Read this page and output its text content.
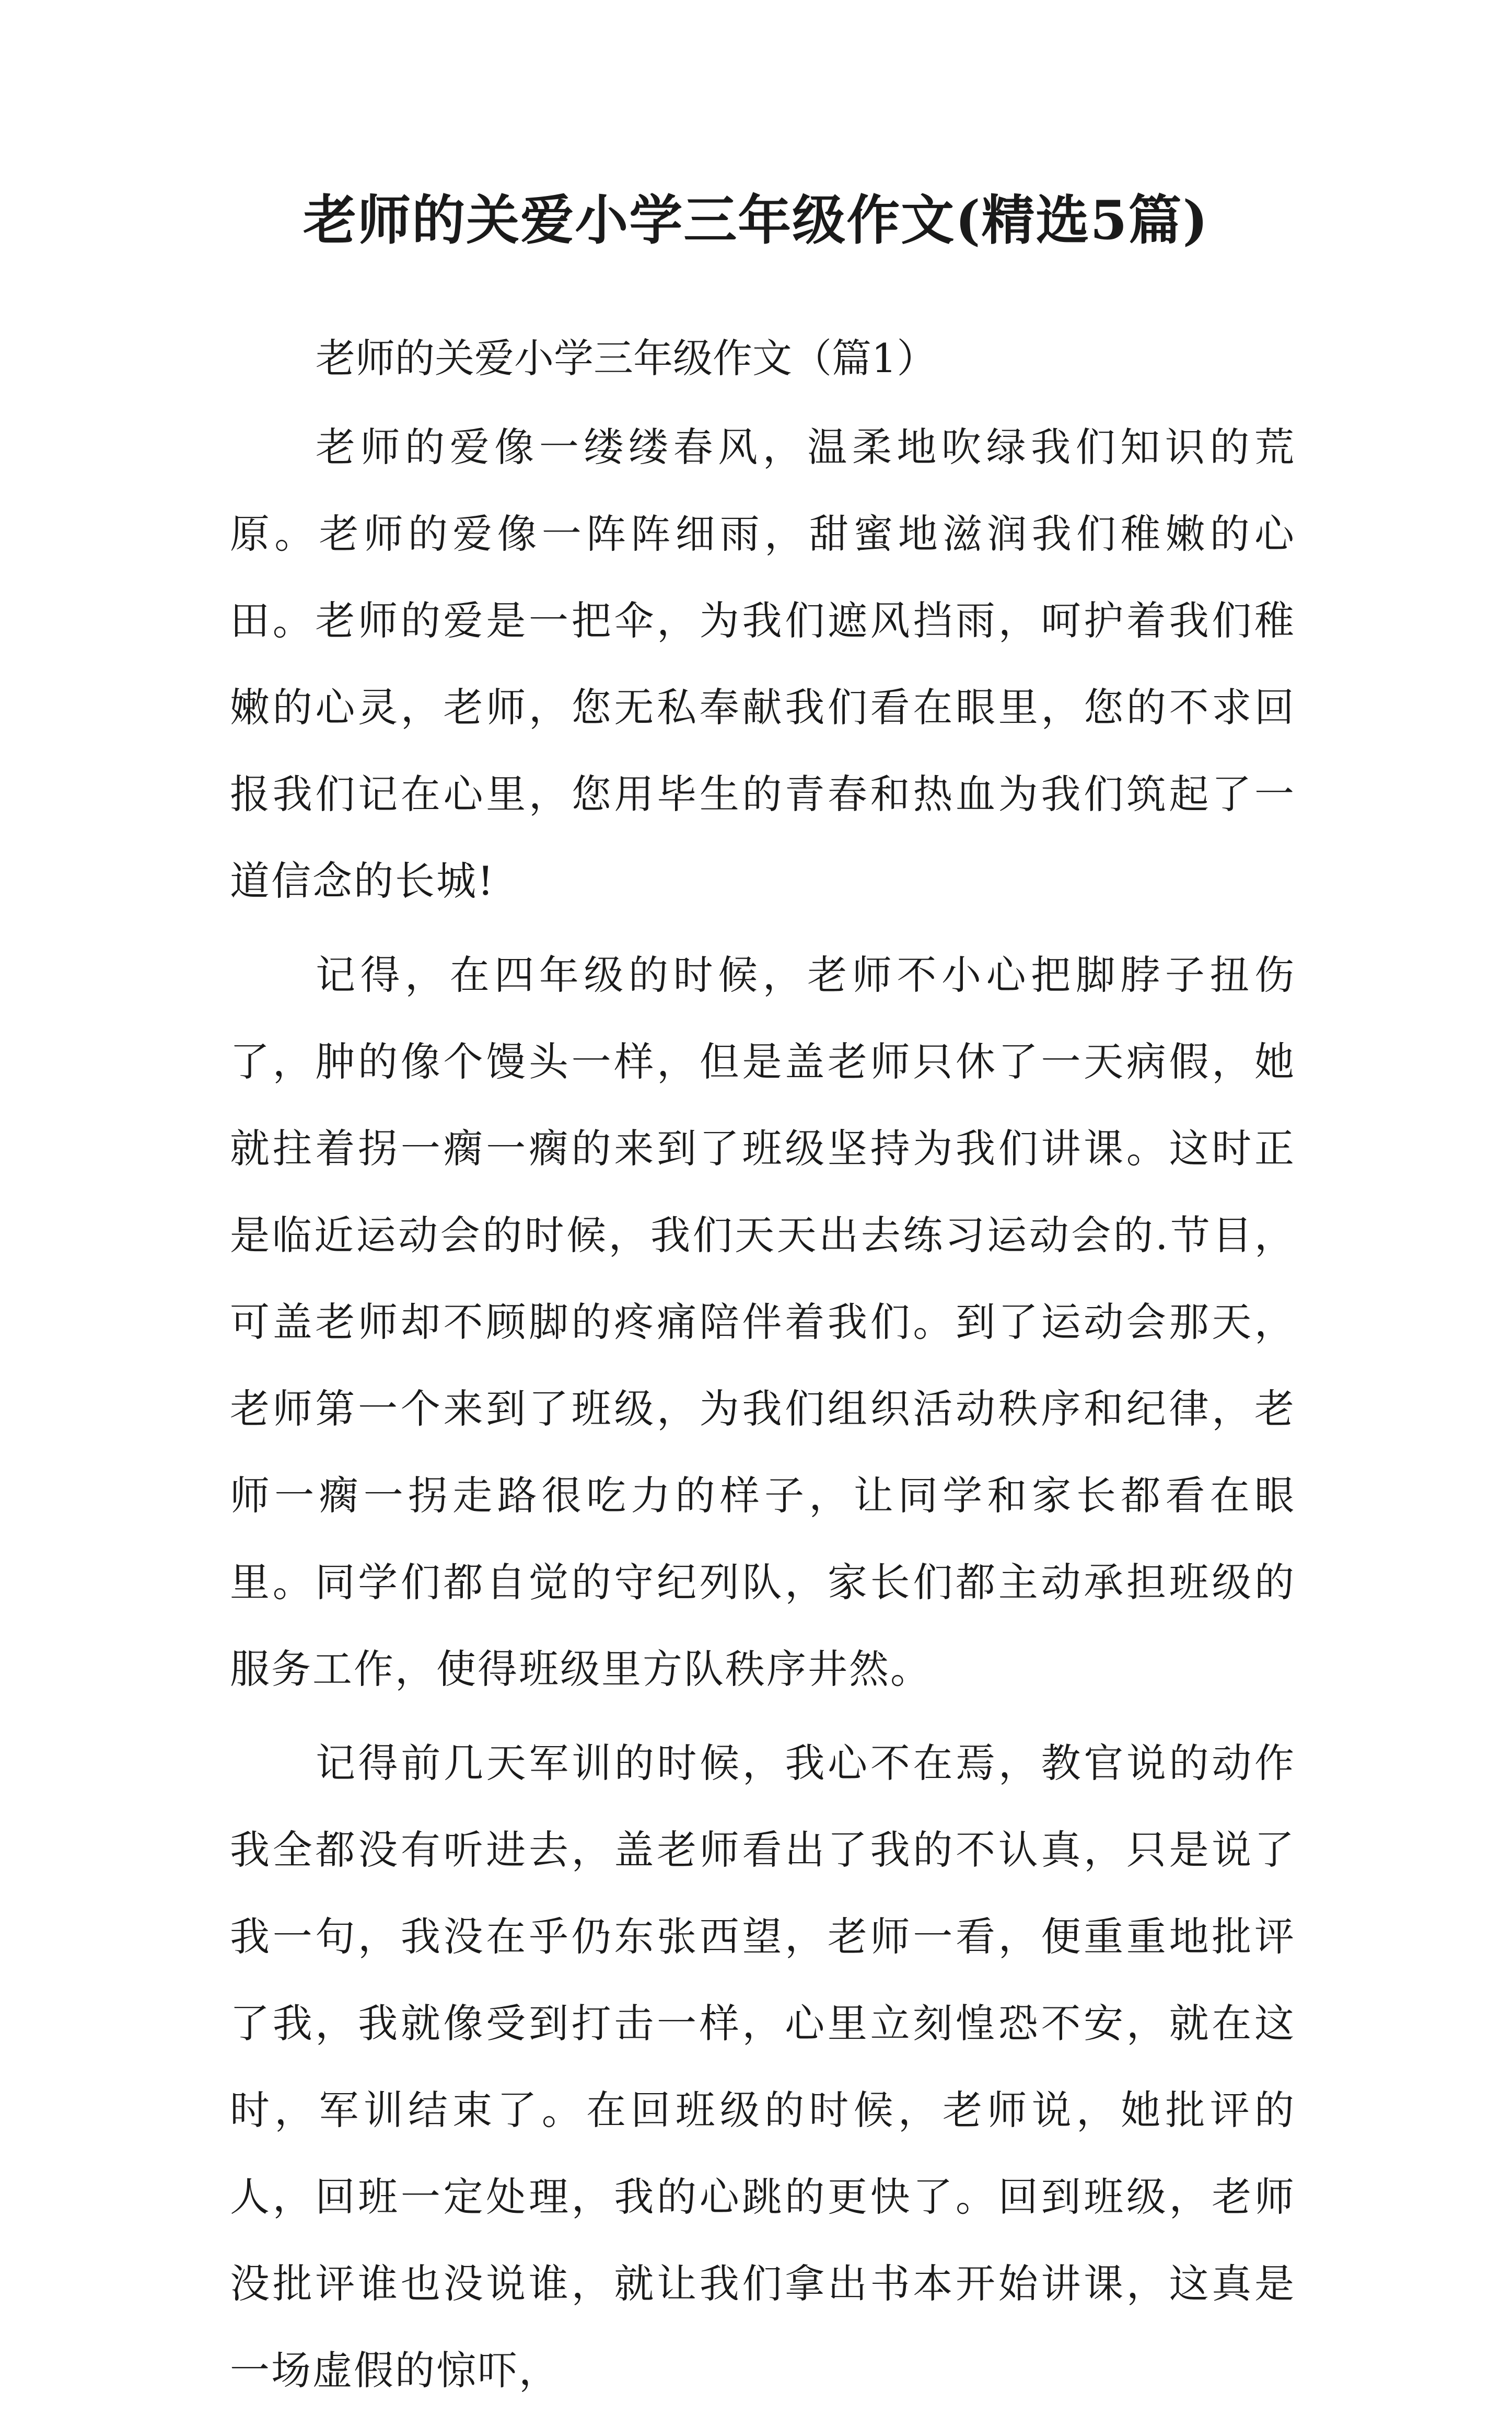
老师的关爱小学三年级作文(精选5篇)

老师的关爱小学三年级作文（篇1）

老师的爱像一缕缕春风，温柔地吹绿我们知识的荒原。老师的爱像一阵阵细雨，甜蜜地滋润我们稚嫩的心田。老师的爱是一把伞，为我们遮风挡雨，呵护着我们稚嫩的心灵，老师，您无私奉献我们看在眼里，您的不求回报我们记在心里，您用毕生的青春和热血为我们筑起了一道信念的长城!

记得，在四年级的时候，老师不小心把脚脖子扭伤了，肿的像个馒头一样，但是盖老师只休了一天病假，她就拄着拐一瘸一瘸的来到了班级坚持为我们讲课。这时正是临近运动会的时候，我们天天出去练习运动会的.节目，可盖老师却不顾脚的疼痛陪伴着我们。到了运动会那天，老师第一个来到了班级，为我们组织活动秩序和纪律，老师一瘸一拐走路很吃力的样子，让同学和家长都看在眼里。同学们都自觉的守纪列队，家长们都主动承担班级的服务工作，使得班级里方队秩序井然。

记得前几天军训的时候，我心不在焉，教官说的动作我全都没有听进去，盖老师看出了我的不认真，只是说了我一句，我没在乎仍东张西望，老师一看，便重重地批评了我，我就像受到打击一样，心里立刻惶恐不安，就在这时，军训结束了。在回班级的时候，老师说，她批评的人，回班一定处理，我的心跳的更快了。回到班级，老师没批评谁也没说谁，就让我们拿出书本开始讲课，这真是一场虚假的惊吓，
